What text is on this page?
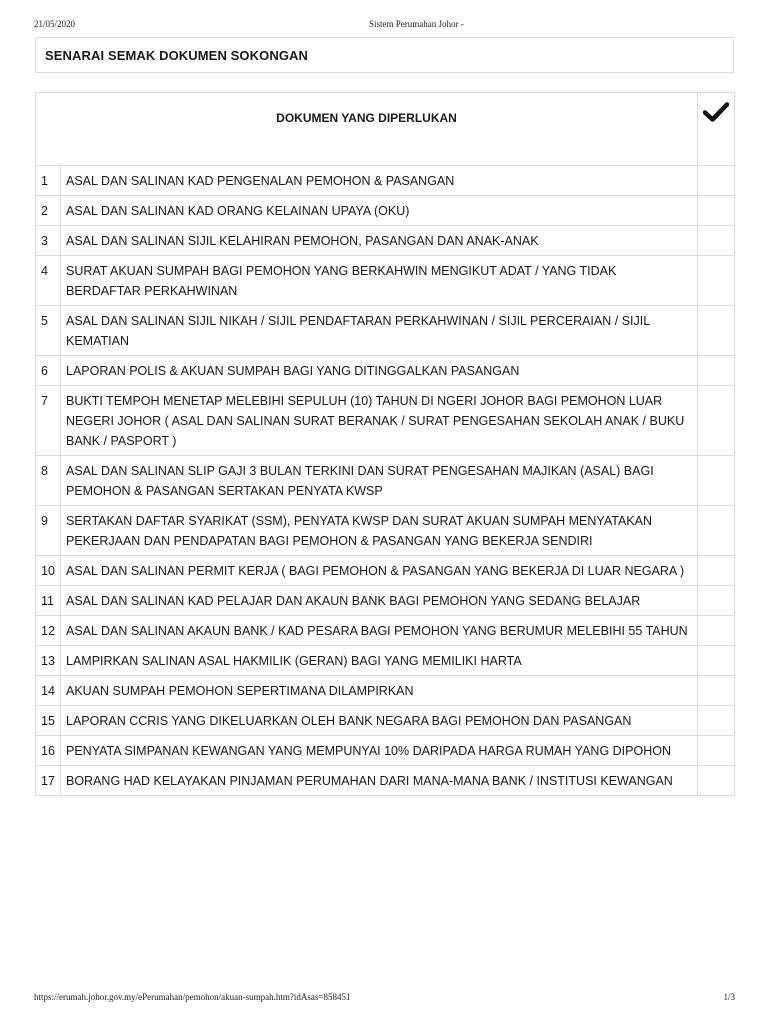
21/05/2020	Sistem Perumahan Johor -
SENARAI SEMAK DOKUMEN SOKONGAN
DOKUMEN YANG DIPERLUKAN	
1	ASAL DAN SALINAN KAD PENGENALAN PEMOHON & PASANGAN	
2	ASAL DAN SALINAN KAD ORANG KELAINAN UPAYA (OKU)	
3	ASAL DAN SALINAN SIJIL KELAHIRAN PEMOHON, PASANGAN DAN ANAK-ANAK	
4	SURAT AKUAN SUMPAH BAGI PEMOHON YANG BERKAHWIN MENGIKUT ADAT / YANG TIDAK BERDAFTAR PERKAHWINAN	
5	ASAL DAN SALINAN SIJIL NIKAH / SIJIL PENDAFTARAN PERKAHWINAN / SIJIL PERCERAIAN / SIJIL KEMATIAN	
6	LAPORAN POLIS & AKUAN SUMPAH BAGI YANG DITINGGALKAN PASANGAN	
7	BUKTI TEMPOH MENETAP MELEBIHI SEPULUH (10) TAHUN DI NGERI JOHOR BAGI PEMOHON LUAR NEGERI JOHOR ( ASAL DAN SALINAN SURAT BERANAK / SURAT PENGESAHAN SEKOLAH ANAK / BUKU BANK / PASPORT )	
8	ASAL DAN SALINAN SLIP GAJI 3 BULAN TERKINI DAN SURAT PENGESAHAN MAJIKAN (ASAL) BAGI PEMOHON & PASANGAN SERTAKAN PENYATA KWSP	
9	SERTAKAN DAFTAR SYARIKAT (SSM), PENYATA KWSP DAN SURAT AKUAN SUMPAH MENYATAKAN PEKERJAAN DAN PENDAPATAN BAGI PEMOHON & PASANGAN YANG BEKERJA SENDIRI	
10	ASAL DAN SALINAN PERMIT KERJA ( BAGI PEMOHON & PASANGAN YANG BEKERJA DI LUAR NEGARA )	
11	ASAL DAN SALINAN KAD PELAJAR DAN AKAUN BANK BAGI PEMOHON YANG SEDANG BELAJAR	
12	ASAL DAN SALINAN AKAUN BANK / KAD PESARA BAGI PEMOHON YANG BERUMUR MELEBIHI 55 TAHUN	
13	LAMPIRKAN SALINAN ASAL HAKMILIK (GERAN) BAGI YANG MEMILIKI HARTA	
14	AKUAN SUMPAH PEMOHON SEPERTIMANA DILAMPIRKAN	
15	LAPORAN CCRIS YANG DIKELUARKAN OLEH BANK NEGARA BAGI PEMOHON DAN PASANGAN	
16	PENYATA SIMPANAN KEWANGAN YANG MEMPUNYAI 10% DARIPADA HARGA RUMAH YANG DIPOHON	
17	BORANG HAD KELAYAKAN PINJAMAN PERUMAHAN DARI MANA-MANA BANK / INSTITUSI KEWANGAN	
https://erumah.johor.gov.my/ePerumahan/pemohon/akuan-sumpah.htm?idAsas=858451	1/3
